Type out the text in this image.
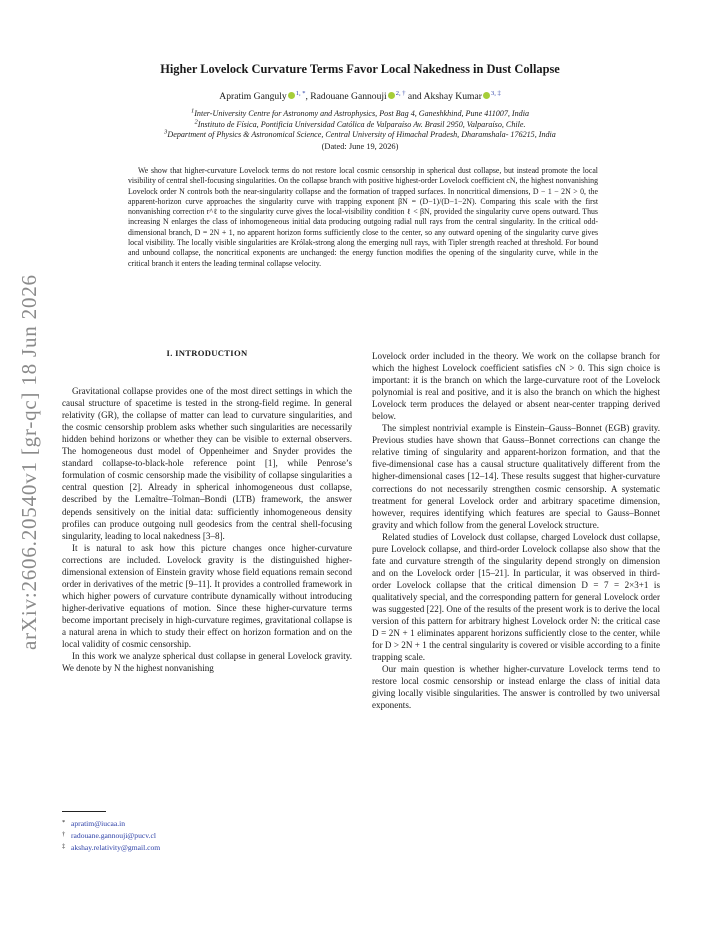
arXiv:2606.20540v1 [gr-qc] 18 Jun 2026
Higher Lovelock Curvature Terms Favor Local Nakedness in Dust Collapse
Apratim Ganguly $^{1, *}$, Radouane Gannouji $^{2, \dagger}$ and Akshay Kumar $^{3, \ddagger}$
$^1$Inter-University Centre for Astronomy and Astrophysics, Post Bag 4, Ganeshkhind, Pune 411007, India
$^2$Instituto de Física, Pontificia Universidad Católica de Valparaíso Av. Brasil 2950, Valparaíso, Chile.
$^3$Department of Physics & Astronomical Science, Central University of Himachal Pradesh, Dharamshala- 176215, India
(Dated: June 19, 2026)

We show that higher-curvature Lovelock terms do not restore local cosmic censorship in spherical dust collapse, but instead promote the local visibility of central shell-focusing singularities. On the collapse branch with positive highest-order Lovelock coefficient cN, the highest nonvanishing Lovelock order N controls both the near-singularity collapse and the formation of trapped surfaces. In noncritical dimensions, D − 1 − 2N > 0, the apparent-horizon curve approaches the singularity curve with trapping exponent βN = (D−1)/(D−1−2N). Comparing this scale with the first nonvanishing correction r^ℓ to the singularity curve gives the local-visibility condition ℓ < βN, provided the singularity curve opens outward. Thus increasing N enlarges the class of inhomogeneous initial data producing outgoing radial null rays from the central singularity. In the critical odd-dimensional branch, D = 2N + 1, no apparent horizon forms sufficiently close to the center, so any outward opening of the singularity curve gives local visibility. The locally visible singularities are Królak-strong along the emerging null rays, with Tipler strength reached at threshold. For bound and unbound collapse, the noncritical exponents are unchanged: the energy function modifies the opening of the singularity curve, while in the critical branch it enters the leading terminal collapse velocity.

I. INTRODUCTION

Gravitational collapse provides one of the most direct settings in which the causal structure of spacetime is tested in the strong-field regime. In general relativity (GR), the collapse of matter can lead to curvature singularities, and the cosmic censorship problem asks whether such singularities are necessarily hidden behind horizons or whether they can be visible to external observers. The homogeneous dust model of Oppenheimer and Snyder provides the standard collapse-to-black-hole reference point [1], while Penrose’s formulation of cosmic censorship made the visibility of collapse singularities a central question [2]. Already in spherical inhomogeneous dust collapse, described by the Lemaître–Tolman–Bondi (LTB) framework, the answer depends sensitively on the initial data: sufficiently inhomogeneous density profiles can produce outgoing null geodesics from the central shell-focusing singularity, leading to local nakedness [3–8].

It is natural to ask how this picture changes once higher-curvature corrections are included. Lovelock gravity is the distinguished higher-dimensional extension of Einstein gravity whose field equations remain second order in derivatives of the metric [9–11]. It provides a controlled framework in which higher powers of curvature contribute dynamically without introducing higher-derivative equations of motion. Since these higher-curvature terms become important precisely in high-curvature regimes, gravitational collapse is a natural arena in which to study their effect on horizon formation and on the local validity of cosmic censorship.

In this work we analyze spherical dust collapse in general Lovelock gravity. We denote by N the highest nonvanishing

Lovelock order included in the theory. We work on the collapse branch for which the highest Lovelock coefficient satisfies cN > 0. This sign choice is important: it is the branch on which the large-curvature root of the Lovelock polynomial is real and positive, and it is also the branch on which the highest Lovelock term produces the delayed or absent near-center trapping derived below.

The simplest nontrivial example is Einstein–Gauss–Bonnet (EGB) gravity. Previous studies have shown that Gauss–Bonnet corrections can change the relative timing of singularity and apparent-horizon formation, and that the five-dimensional case has a causal structure qualitatively different from the higher-dimensional cases [12–14]. These results suggest that higher-curvature corrections do not necessarily strengthen cosmic censorship. A systematic treatment for general Lovelock order and arbitrary spacetime dimension, however, requires identifying which features are special to Gauss–Bonnet gravity and which follow from the general Lovelock structure.

Related studies of Lovelock dust collapse, charged Lovelock dust collapse, pure Lovelock collapse, and third-order Lovelock collapse also show that the fate and curvature strength of the singularity depend strongly on dimension and on the Lovelock order [15–21]. In particular, it was observed in third-order Lovelock collapse that the critical dimension D = 7 = 2×3+1 is qualitatively special, and the corresponding pattern for general Lovelock order was suggested [22]. One of the results of the present work is to derive the local version of this pattern for arbitrary highest Lovelock order N: the critical case D = 2N + 1 eliminates apparent horizons sufficiently close to the center, while for D > 2N + 1 the central singularity is covered or visible according to a finite trapping scale.

Our main question is whether higher-curvature Lovelock terms tend to restore local cosmic censorship or instead enlarge the class of initial data giving locally visible singularities. The answer is controlled by two universal exponents.

* apratim@iucaa.in
† radouane.gannouji@pucv.cl
‡ akshay.relativity@gmail.com
